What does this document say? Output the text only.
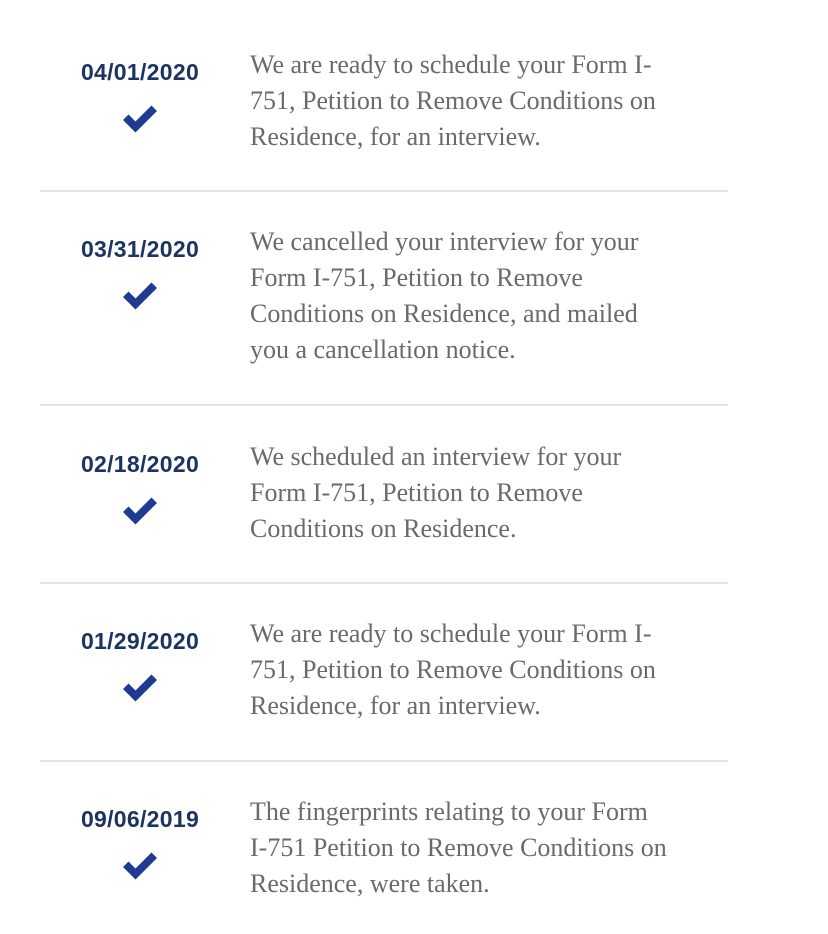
04/01/2020	We are ready to schedule your Form I-
751, Petition to Remove Conditions on
Residence, for an interview.

03/31/2020	We cancelled your interview for your
Form I-751, Petition to Remove
Conditions on Residence, and mailed
you a cancellation notice.

02/18/2020	We scheduled an interview for your
Form I-751, Petition to Remove
Conditions on Residence.

01/29/2020	We are ready to schedule your Form I-
751, Petition to Remove Conditions on
Residence, for an interview.

09/06/2019	The fingerprints relating to your Form
I-751 Petition to Remove Conditions on
Residence, were taken.
